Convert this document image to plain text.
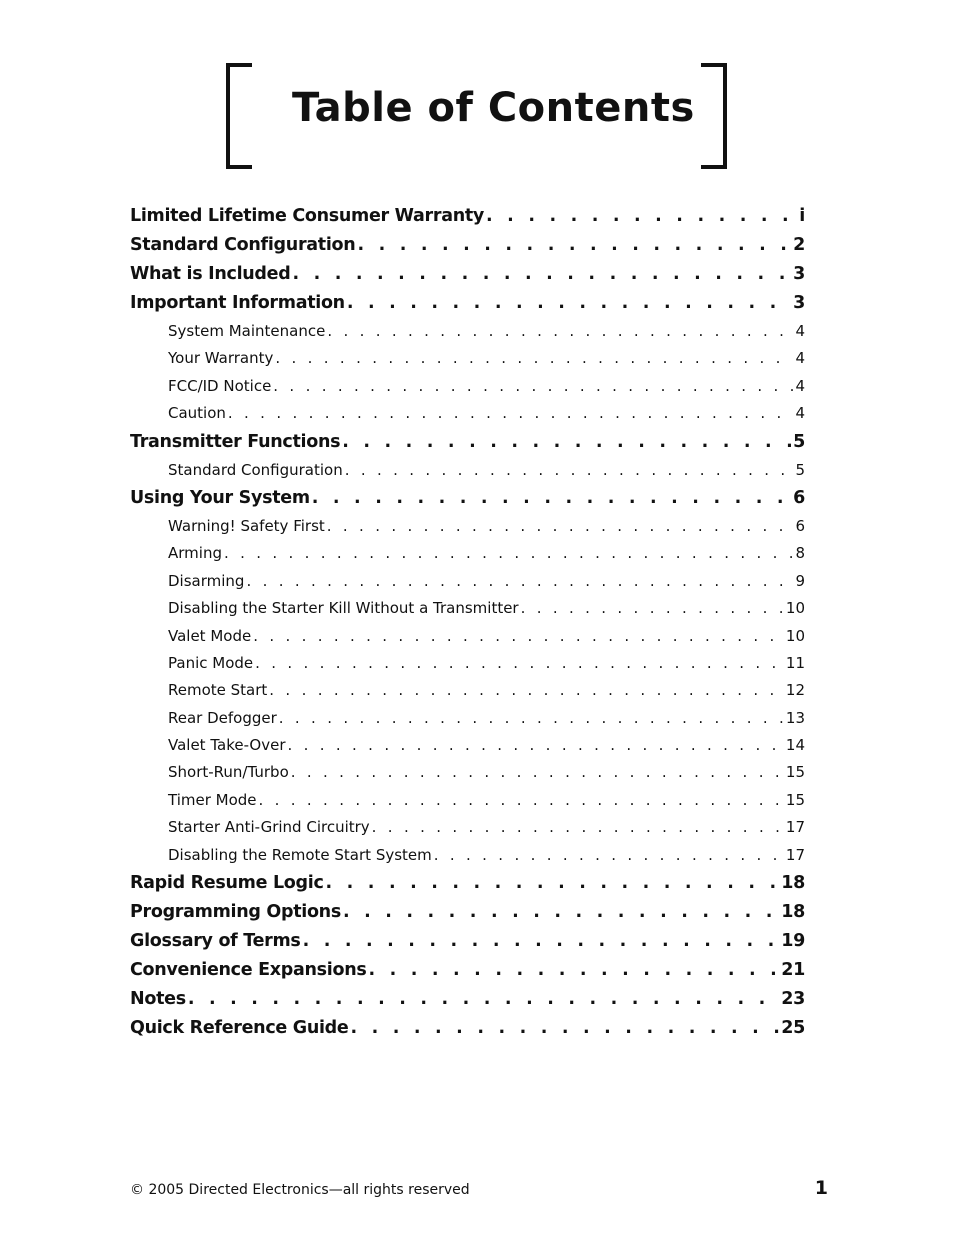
Table of Contents
Limited Lifetime Consumer Warranty . . .	i
Standard Configuration . . .	2
What is Included . . .	3
Important Information . . .	3
System Maintenance . . .	4
Your Warranty . . .	4
FCC/ID Notice . . .	4
Caution . . .	4
Transmitter Functions . . .	5
Standard Configuration . . .	5
Using Your System . . .	6
Warning! Safety First . . .	6
Arming . . .	8
Disarming . . .	9
Disabling the Starter Kill Without a Transmitter . . .	10
Valet Mode . . .	10
Panic Mode . . .	11
Remote Start . . .	12
Rear Defogger . . .	13
Valet Take-Over . . .	14
Short-Run/Turbo . . .	15
Timer Mode . . .	15
Starter Anti-Grind Circuitry . . .	17
Disabling the Remote Start System . . .	17
Rapid Resume Logic . . .	18
Programming Options . . .	18
Glossary of Terms . . .	19
Convenience Expansions . . .	21
Notes . . .	23
Quick Reference Guide . . .	25
© 2005 Directed Electronics—all rights reserved	1
